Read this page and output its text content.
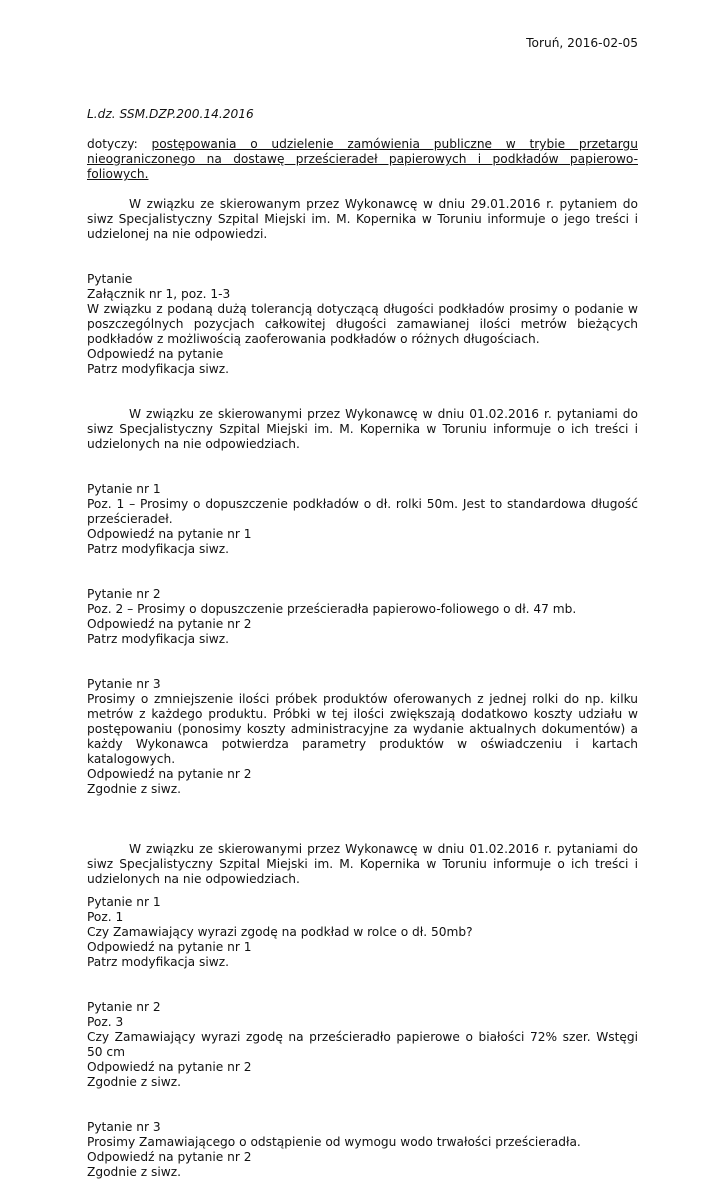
Toruń, 2016-02-05

L.dz. SSM.DZP.200.14.2016

dotyczy: postępowania o udzielenie zamówienia publiczne w trybie przetargu nieograniczonego na dostawę prześcieradeł papierowych i podkładów papierowo-foliowych.

W związku ze skierowanym przez Wykonawcę w dniu 29.01.2016 r. pytaniem do siwz Specjalistyczny Szpital Miejski im. M. Kopernika w Toruniu informuje o jego treści i udzielonej na nie odpowiedzi.

Pytanie

Załącznik nr 1, poz. 1-3

W związku z podaną dużą tolerancją dotyczącą długości podkładów prosimy o podanie w poszczególnych pozycjach całkowitej długości zamawianej ilości metrów bieżących podkładów z możliwością zaoferowania podkładów o różnych długościach.

Odpowiedź na pytanie

Patrz modyfikacja siwz.

W związku ze skierowanymi przez Wykonawcę w dniu 01.02.2016 r. pytaniami do siwz Specjalistyczny Szpital Miejski im. M. Kopernika w Toruniu informuje o ich treści i udzielonych na nie odpowiedziach.

Pytanie nr 1

Poz. 1 – Prosimy o dopuszczenie podkładów o dł. rolki 50m. Jest to standardowa długość prześcieradeł.

Odpowiedź na pytanie nr 1

Patrz modyfikacja siwz.

Pytanie nr 2

Poz. 2 – Prosimy o dopuszczenie prześcieradła papierowo-foliowego o dł. 47 mb.

Odpowiedź na pytanie nr 2

Patrz modyfikacja siwz.

Pytanie nr 3

Prosimy o zmniejszenie ilości próbek produktów oferowanych z jednej rolki do np. kilku metrów z każdego produktu. Próbki w tej ilości zwiększają dodatkowo koszty udziału w postępowaniu (ponosimy koszty administracyjne za wydanie aktualnych dokumentów) a każdy Wykonawca potwierdza parametry produktów w oświadczeniu i kartach katalogowych.

Odpowiedź na pytanie nr 2

Zgodnie z siwz.

W związku ze skierowanymi przez Wykonawcę w dniu 01.02.2016 r. pytaniami do siwz Specjalistyczny Szpital Miejski im. M. Kopernika w Toruniu informuje o ich treści i udzielonych na nie odpowiedziach.

Pytanie nr 1

Poz. 1

Czy Zamawiający wyrazi zgodę na podkład w rolce o dł. 50mb?

Odpowiedź na pytanie nr 1

Patrz modyfikacja siwz.

Pytanie nr 2

Poz. 3

Czy Zamawiający wyrazi zgodę na prześcieradło papierowe o białości 72% szer. Wstęgi 50 cm

Odpowiedź na pytanie nr 2

Zgodnie z siwz.

Pytanie nr 3

Prosimy Zamawiającego o odstąpienie od wymogu wodo trwałości prześcieradła.

Odpowiedź na pytanie nr 2

Zgodnie z siwz.
